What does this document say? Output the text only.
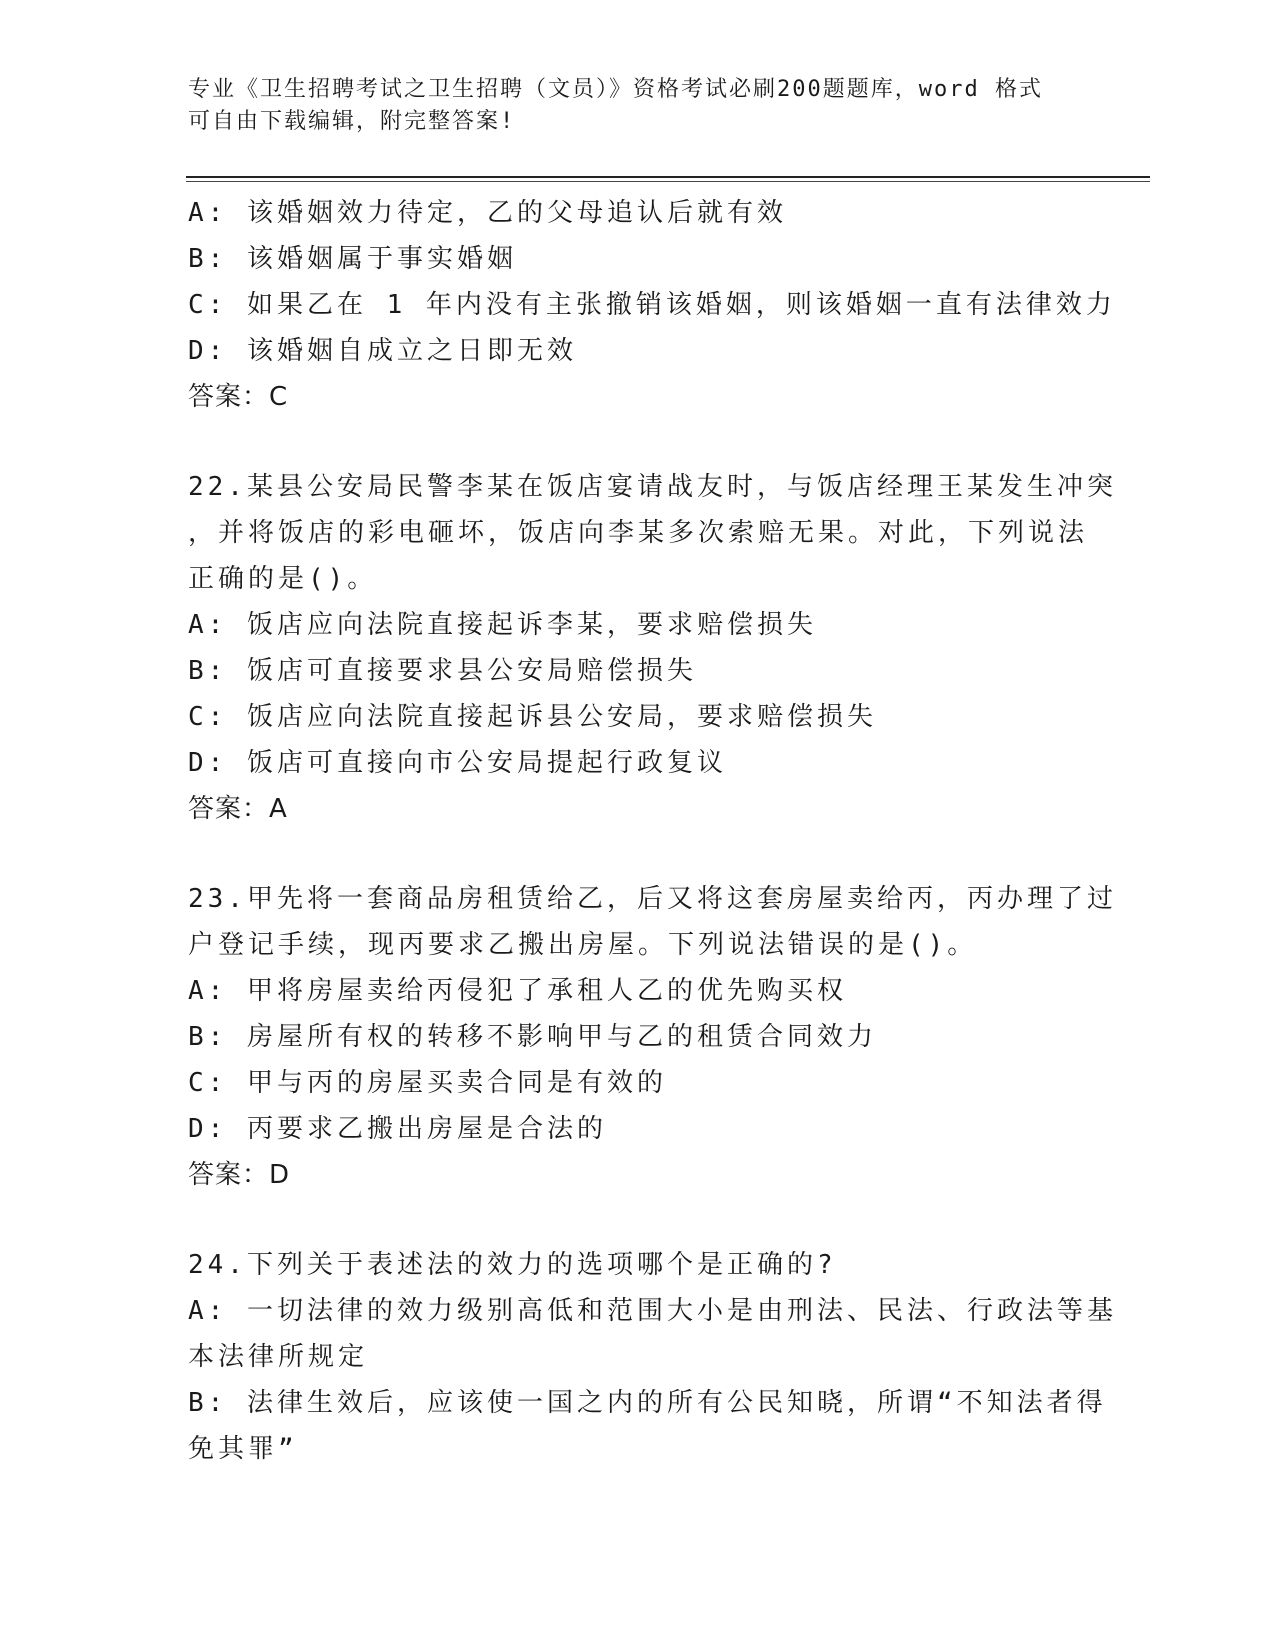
专业《卫生招聘考试之卫生招聘（文员）》资格考试必刷200题题库，word 格式
可自由下载编辑，附完整答案!
A: 该婚姻效力待定，乙的父母追认后就有效
B: 该婚姻属于事实婚姻
C: 如果乙在 1 年内没有主张撤销该婚姻，则该婚姻一直有法律效力
D: 该婚姻自成立之日即无效
答案：C
22.某县公安局民警李某在饭店宴请战友时，与饭店经理王某发生冲突
，并将饭店的彩电砸坏，饭店向李某多次索赔无果。对此，下列说法
正确的是()。
A: 饭店应向法院直接起诉李某，要求赔偿损失
B: 饭店可直接要求县公安局赔偿损失
C: 饭店应向法院直接起诉县公安局，要求赔偿损失
D: 饭店可直接向市公安局提起行政复议
答案：A
23.甲先将一套商品房租赁给乙，后又将这套房屋卖给丙，丙办理了过
户登记手续，现丙要求乙搬出房屋。下列说法错误的是()。
A: 甲将房屋卖给丙侵犯了承租人乙的优先购买权
B: 房屋所有权的转移不影响甲与乙的租赁合同效力
C: 甲与丙的房屋买卖合同是有效的
D: 丙要求乙搬出房屋是合法的
答案：D
24.下列关于表述法的效力的选项哪个是正确的?
A: 一切法律的效力级别高低和范围大小是由刑法、民法、行政法等基
本法律所规定
B: 法律生效后，应该使一国之内的所有公民知晓，所谓“不知法者得
免其罪”
